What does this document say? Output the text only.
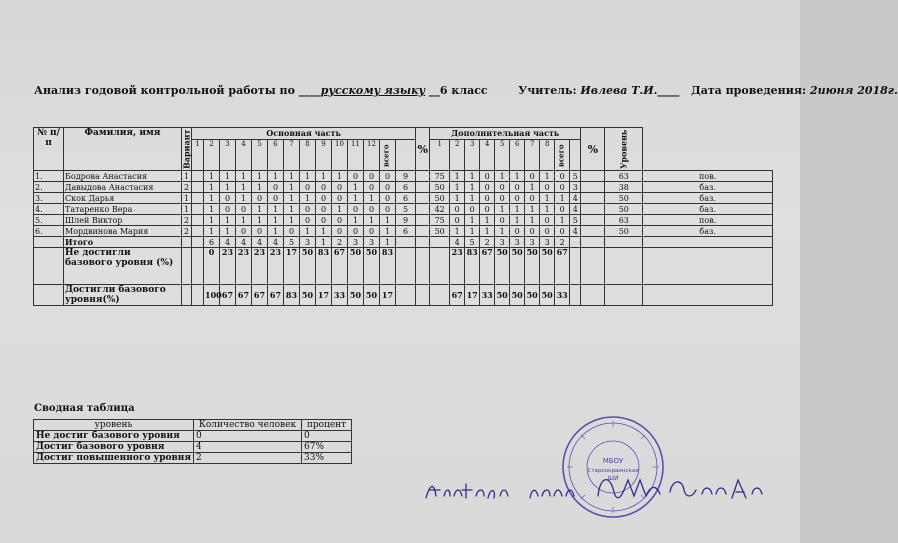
Анализ годовой контрольной работы по ____русскому языку __6 класс	Учитель: Ивлева Т.И.____ Дата проведения: 2июня 2018г.
№ п/п	Фамилия, имя	Вариант	Основная часть														%	Дополнительная часть										%	Уровень	
			1	2	3	4	5	6	7	8	9	10	11	12	всего			1	2	3	4	5	6	7	8	всего				
1.	Бодрова Анастасия	1		1	1	1	1	1	1	1	1	1	0	0	0	9		75	1	1	0	1	1	0	1	0	5		63	пов.
2.	Давыдова Анастасия	2		1	1	1	1	0	1	0	0	0	1	0	0	6		50	1	1	0	0	0	1	0	0	3		38	баз.
3.	Скок Дарья	1		1	0	1	0	0	1	1	0	0	1	1	0	6		50	1	1	0	0	0	0	1	1	4		50	баз.
4.	Татаренко Вера	1		1	0	0	1	1	1	0	0	1	0	0	0	5		42	0	0	0	1	1	1	1	0	4		50	баз.
5.	Шлей Виктор	2		1	1	1	1	1	1	0	0	0	1	1	1	9		75	0	1	1	0	1	1	0	1	5		63	пов.
6.	Мордвинова Мария	2		1	1	0	0	1	0	1	1	0	0	0	1	6		50	1	1	1	1	0	0	0	0	4		50	баз.
	Итого			6	4	4	4	4	5	3	1	2	3	3	1				4	5	2	3	3	3	3	2				
	Не достигли базового уровня (%)			0	23	23	23	23	17	50	83	67	50	50	83				23	83	67	50	50	50	50	67				
	Достигли базового уровня(%)			100	67	67	67	67	83	50	17	33	50	50	17				67	17	33	50	50	50	50	33				
Сводная таблица
уровень	Количество человек	процент
Не достиг базового уровня	0	0
Достиг базового уровня	4	67%
Достиг повышенного уровня	2	33%	МБОУ
Староокраинская
ШИ
